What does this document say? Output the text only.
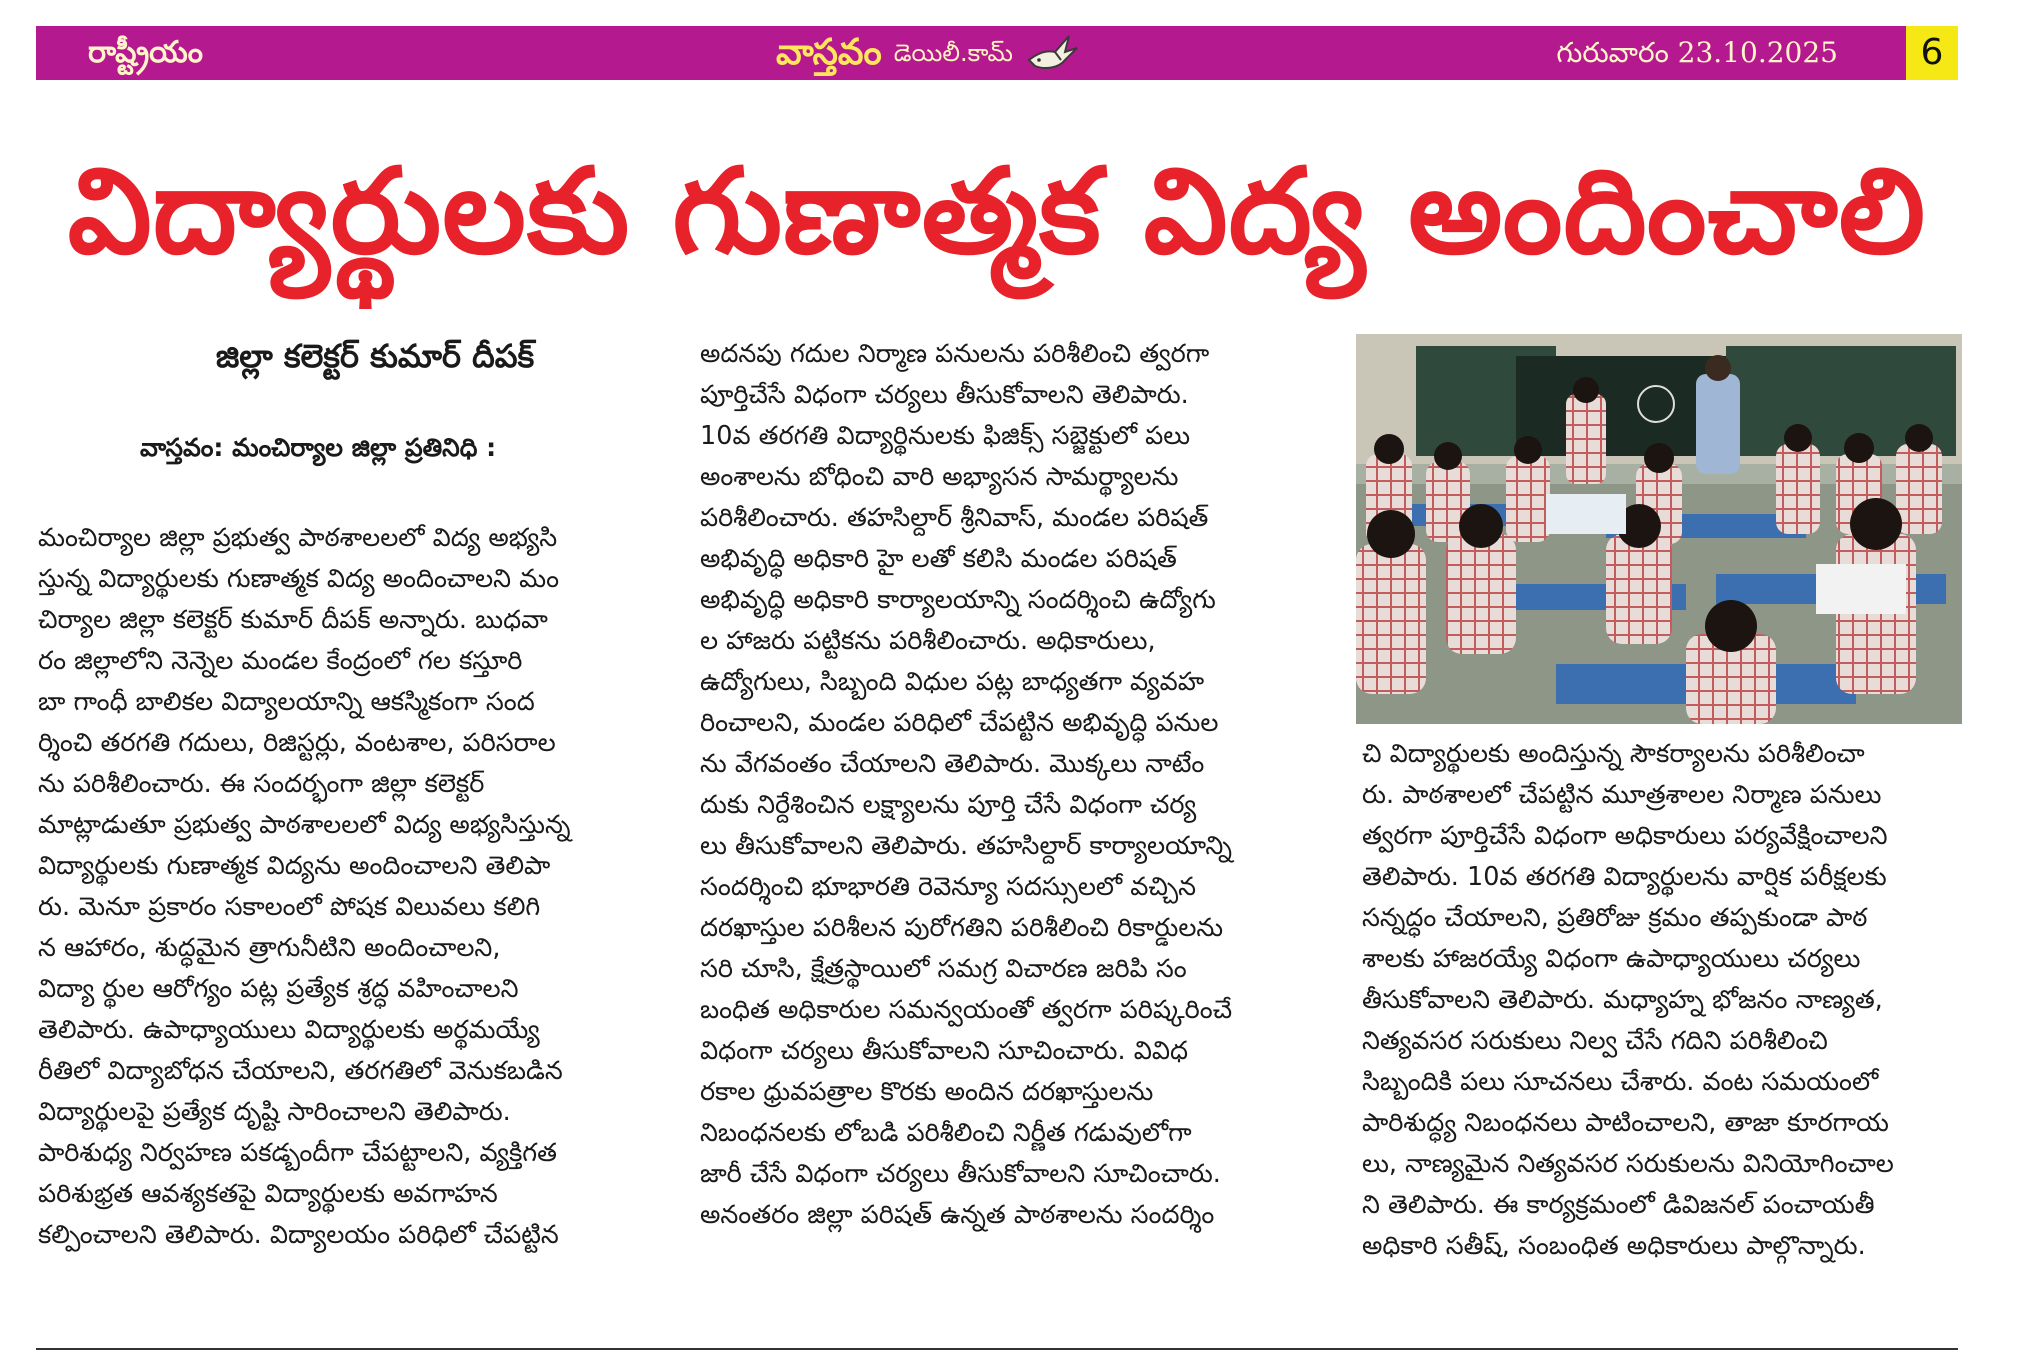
రాష్ట్రీయం	వాస్తవం డెయిలీ.కామ్	గురువారం 23.10.2025	6
విద్యార్థులకు గుణాత్మక విద్య అందించాలి
జిల్లా కలెక్టర్ కుమార్ దీపక్
వాస్తవం: మంచిర్యాల జిల్లా ప్రతినిధి :

మంచిర్యాల జిల్లా ప్రభుత్వ పాఠశాలలలో విద్య అభ్యసి

స్తున్న విద్యార్థులకు గుణాత్మక విద్య అందించాలని మం

చిర్యాల జిల్లా కలెక్టర్ కుమార్ దీపక్ అన్నారు. బుధవా

రం జిల్లాలోని నెన్నెల మండల కేంద్రంలో గల కస్తూరి

బా గాంధీ బాలికల విద్యాలయాన్ని ఆకస్మికంగా సంద

ర్శించి తరగతి గదులు, రిజిస్టర్లు, వంటశాల, పరిసరాల

ను పరిశీలించారు. ఈ సందర్భంగా జిల్లా కలెక్టర్

మాట్లాడుతూ ప్రభుత్వ పాఠశాలలలో విద్య అభ్యసిస్తున్న

విద్యార్థులకు గుణాత్మక విద్యను అందించాలని తెలిపా

రు. మెనూ ప్రకారం సకాలంలో పోషక విలువలు కలిగి

న ఆహారం, శుద్ధమైన త్రాగునీటిని అందించాలని,

విద్యా ర్థుల ఆరోగ్యం పట్ల ప్రత్యేక శ్రద్ధ వహించాలని

తెలిపారు. ఉపాధ్యాయులు విద్యార్థులకు అర్థమయ్యే

రీతిలో విద్యాబోధన చేయాలని, తరగతిలో వెనుకబడిన

విద్యార్థులపై ప్రత్యేక దృష్టి సారించాలని తెలిపారు.

పారిశుధ్య నిర్వహణ పకడ్బందీగా చేపట్టాలని, వ్యక్తిగత

పరిశుభ్రత ఆవశ్యకతపై విద్యార్థులకు అవగాహన

కల్పించాలని తెలిపారు. విద్యాలయం పరిధిలో చేపట్టిన

అదనపు గదుల నిర్మాణ పనులను పరిశీలించి త్వరగా

పూర్తిచేసే విధంగా చర్యలు తీసుకోవాలని తెలిపారు.

10వ తరగతి విద్యార్థినులకు ఫిజిక్స్ సబ్జెక్టులో పలు

అంశాలను బోధించి వారి అభ్యాసన సామర్థ్యాలను

పరిశీలించారు. తహసిల్దార్ శ్రీనివాస్, మండల పరిషత్

అభివృద్ధి అధికారి హై లతో కలిసి మండల పరిషత్

అభివృద్ధి అధికారి కార్యాలయాన్ని సందర్శించి ఉద్యోగు

ల హాజరు పట్టికను పరిశీలించారు. అధికారులు,

ఉద్యోగులు, సిబ్బంది విధుల పట్ల బాధ్యతగా వ్యవహ

రించాలని, మండల పరిధిలో చేపట్టిన అభివృద్ధి పనుల

ను వేగవంతం చేయాలని తెలిపారు. మొక్కలు నాటేం

దుకు నిర్దేశించిన లక్ష్యాలను పూర్తి చేసే విధంగా చర్య

లు తీసుకోవాలని తెలిపారు. తహసిల్దార్ కార్యాలయాన్ని

సందర్శించి భూభారతి రెవెన్యూ సదస్సులలో వచ్చిన

దరఖాస్తుల పరిశీలన పురోగతిని పరిశీలించి రికార్డులను

సరి చూసి, క్షేత్రస్థాయిలో సమగ్ర విచారణ జరిపి సం

బంధిత అధికారుల సమన్వయంతో త్వరగా పరిష్కరించే

విధంగా చర్యలు తీసుకోవాలని సూచించారు. వివిధ

రకాల ధ్రువపత్రాల కొరకు అందిన దరఖాస్తులను

నిబంధనలకు లోబడి పరిశీలించి నిర్ణీత గడువులోగా

జారీ చేసే విధంగా చర్యలు తీసుకోవాలని సూచించారు.

అనంతరం జిల్లా పరిషత్ ఉన్నత పాఠశాలను సందర్శిం

చి విద్యార్థులకు అందిస్తున్న సౌకర్యాలను పరిశీలించా

రు. పాఠశాలలో చేపట్టిన మూత్రశాలల నిర్మాణ పనులు

త్వరగా పూర్తిచేసే విధంగా అధికారులు పర్యవేక్షించాలని

తెలిపారు. 10వ తరగతి విద్యార్థులను వార్షిక పరీక్షలకు

సన్నద్ధం చేయాలని, ప్రతిరోజు క్రమం తప్పకుండా పాఠ

శాలకు హాజరయ్యే విధంగా ఉపాధ్యాయులు చర్యలు

తీసుకోవాలని తెలిపారు. మధ్యాహ్న భోజనం నాణ్యత,

నిత్యవసర సరుకులు నిల్వ చేసే గదిని పరిశీలించి

సిబ్బందికి పలు సూచనలు చేశారు. వంట సమయంలో

పారిశుద్ధ్య నిబంధనలు పాటించాలని, తాజా కూరగాయ

లు, నాణ్యమైన నిత్యవసర సరుకులను వినియోగించాల

ని తెలిపారు. ఈ కార్యక్రమంలో డివిజనల్ పంచాయతీ

అధికారి సతీష్, సంబంధిత అధికారులు పాల్గొన్నారు.
